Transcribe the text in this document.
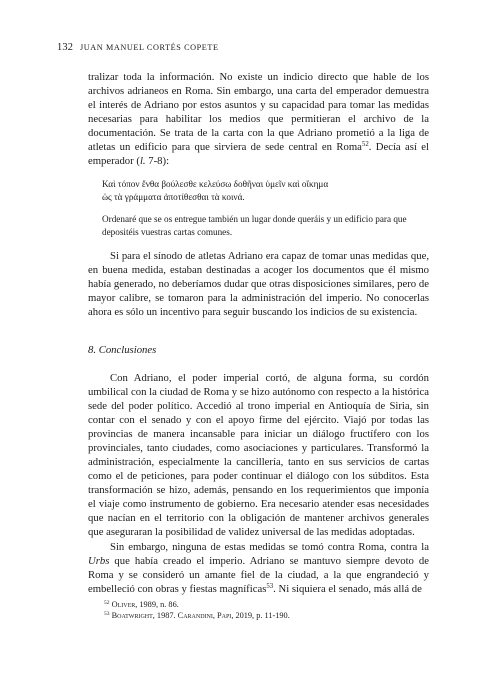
132 JUAN MANUEL CORTÉS COPETE

tralizar toda la información. No existe un indicio directo que hable de los archivos adrianeos en Roma. Sin embargo, una carta del emperador demuestra el interés de Adriano por estos asuntos y su capacidad para tomar las medidas necesarias para habilitar los medios que permitieran el archivo de la documentación. Se trata de la carta con la que Adriano prometió a la liga de atletas un edificio para que sirviera de sede central en Roma$^{52}$. Decía así el emperador (l. 7-8):

Καὶ τόπον ἔνθα βούλεσθε κελεύσω δοθῆναι ὑμεῖν καὶ οἴκημα
ὡς τὰ γράμματα ἀποτίθεσθαι τὰ κοινά.

Ordenaré que se os entregue también un lugar donde queráis y un edificio para que depositéis vuestras cartas comunes.

Si para el sínodo de atletas Adriano era capaz de tomar unas medidas que, en buena medida, estaban destinadas a acoger los documentos que él mismo había generado, no deberíamos dudar que otras disposiciones similares, pero de mayor calibre, se tomaron para la administración del imperio. No conocerlas ahora es sólo un incentivo para seguir buscando los indicios de su existencia.

8. Conclusiones

Con Adriano, el poder imperial cortó, de alguna forma, su cordón umbilical con la ciudad de Roma y se hizo autónomo con respecto a la histórica sede del poder político. Accedió al trono imperial en Antioquía de Siria, sin contar con el senado y con el apoyo firme del ejército. Viajó por todas las provincias de manera incansable para iniciar un diálogo fructífero con los provinciales, tanto ciudades, como asociaciones y particulares. Transformó la administración, especialmente la cancillería, tanto en sus servicios de cartas como el de peticiones, para poder continuar el diálogo con los súbditos. Esta transformación se hizo, además, pensando en los requerimientos que imponía el viaje como instrumento de gobierno. Era necesario atender esas necesidades que nacían en el territorio con la obligación de mantener archivos generales que aseguraran la posibilidad de validez universal de las medidas adoptadas.

Sin embargo, ninguna de estas medidas se tomó contra Roma, contra la Urbs que había creado el imperio. Adriano se mantuvo siempre devoto de Roma y se consideró un amante fiel de la ciudad, a la que engrandeció y embelleció con obras y fiestas magníficas$^{53}$. Ni siquiera el senado, más allá de

$^{52}$ Oliver, 1989, n. 86.
$^{53}$ Boatwright, 1987. Carandini, Papi, 2019, p. 11-190.
